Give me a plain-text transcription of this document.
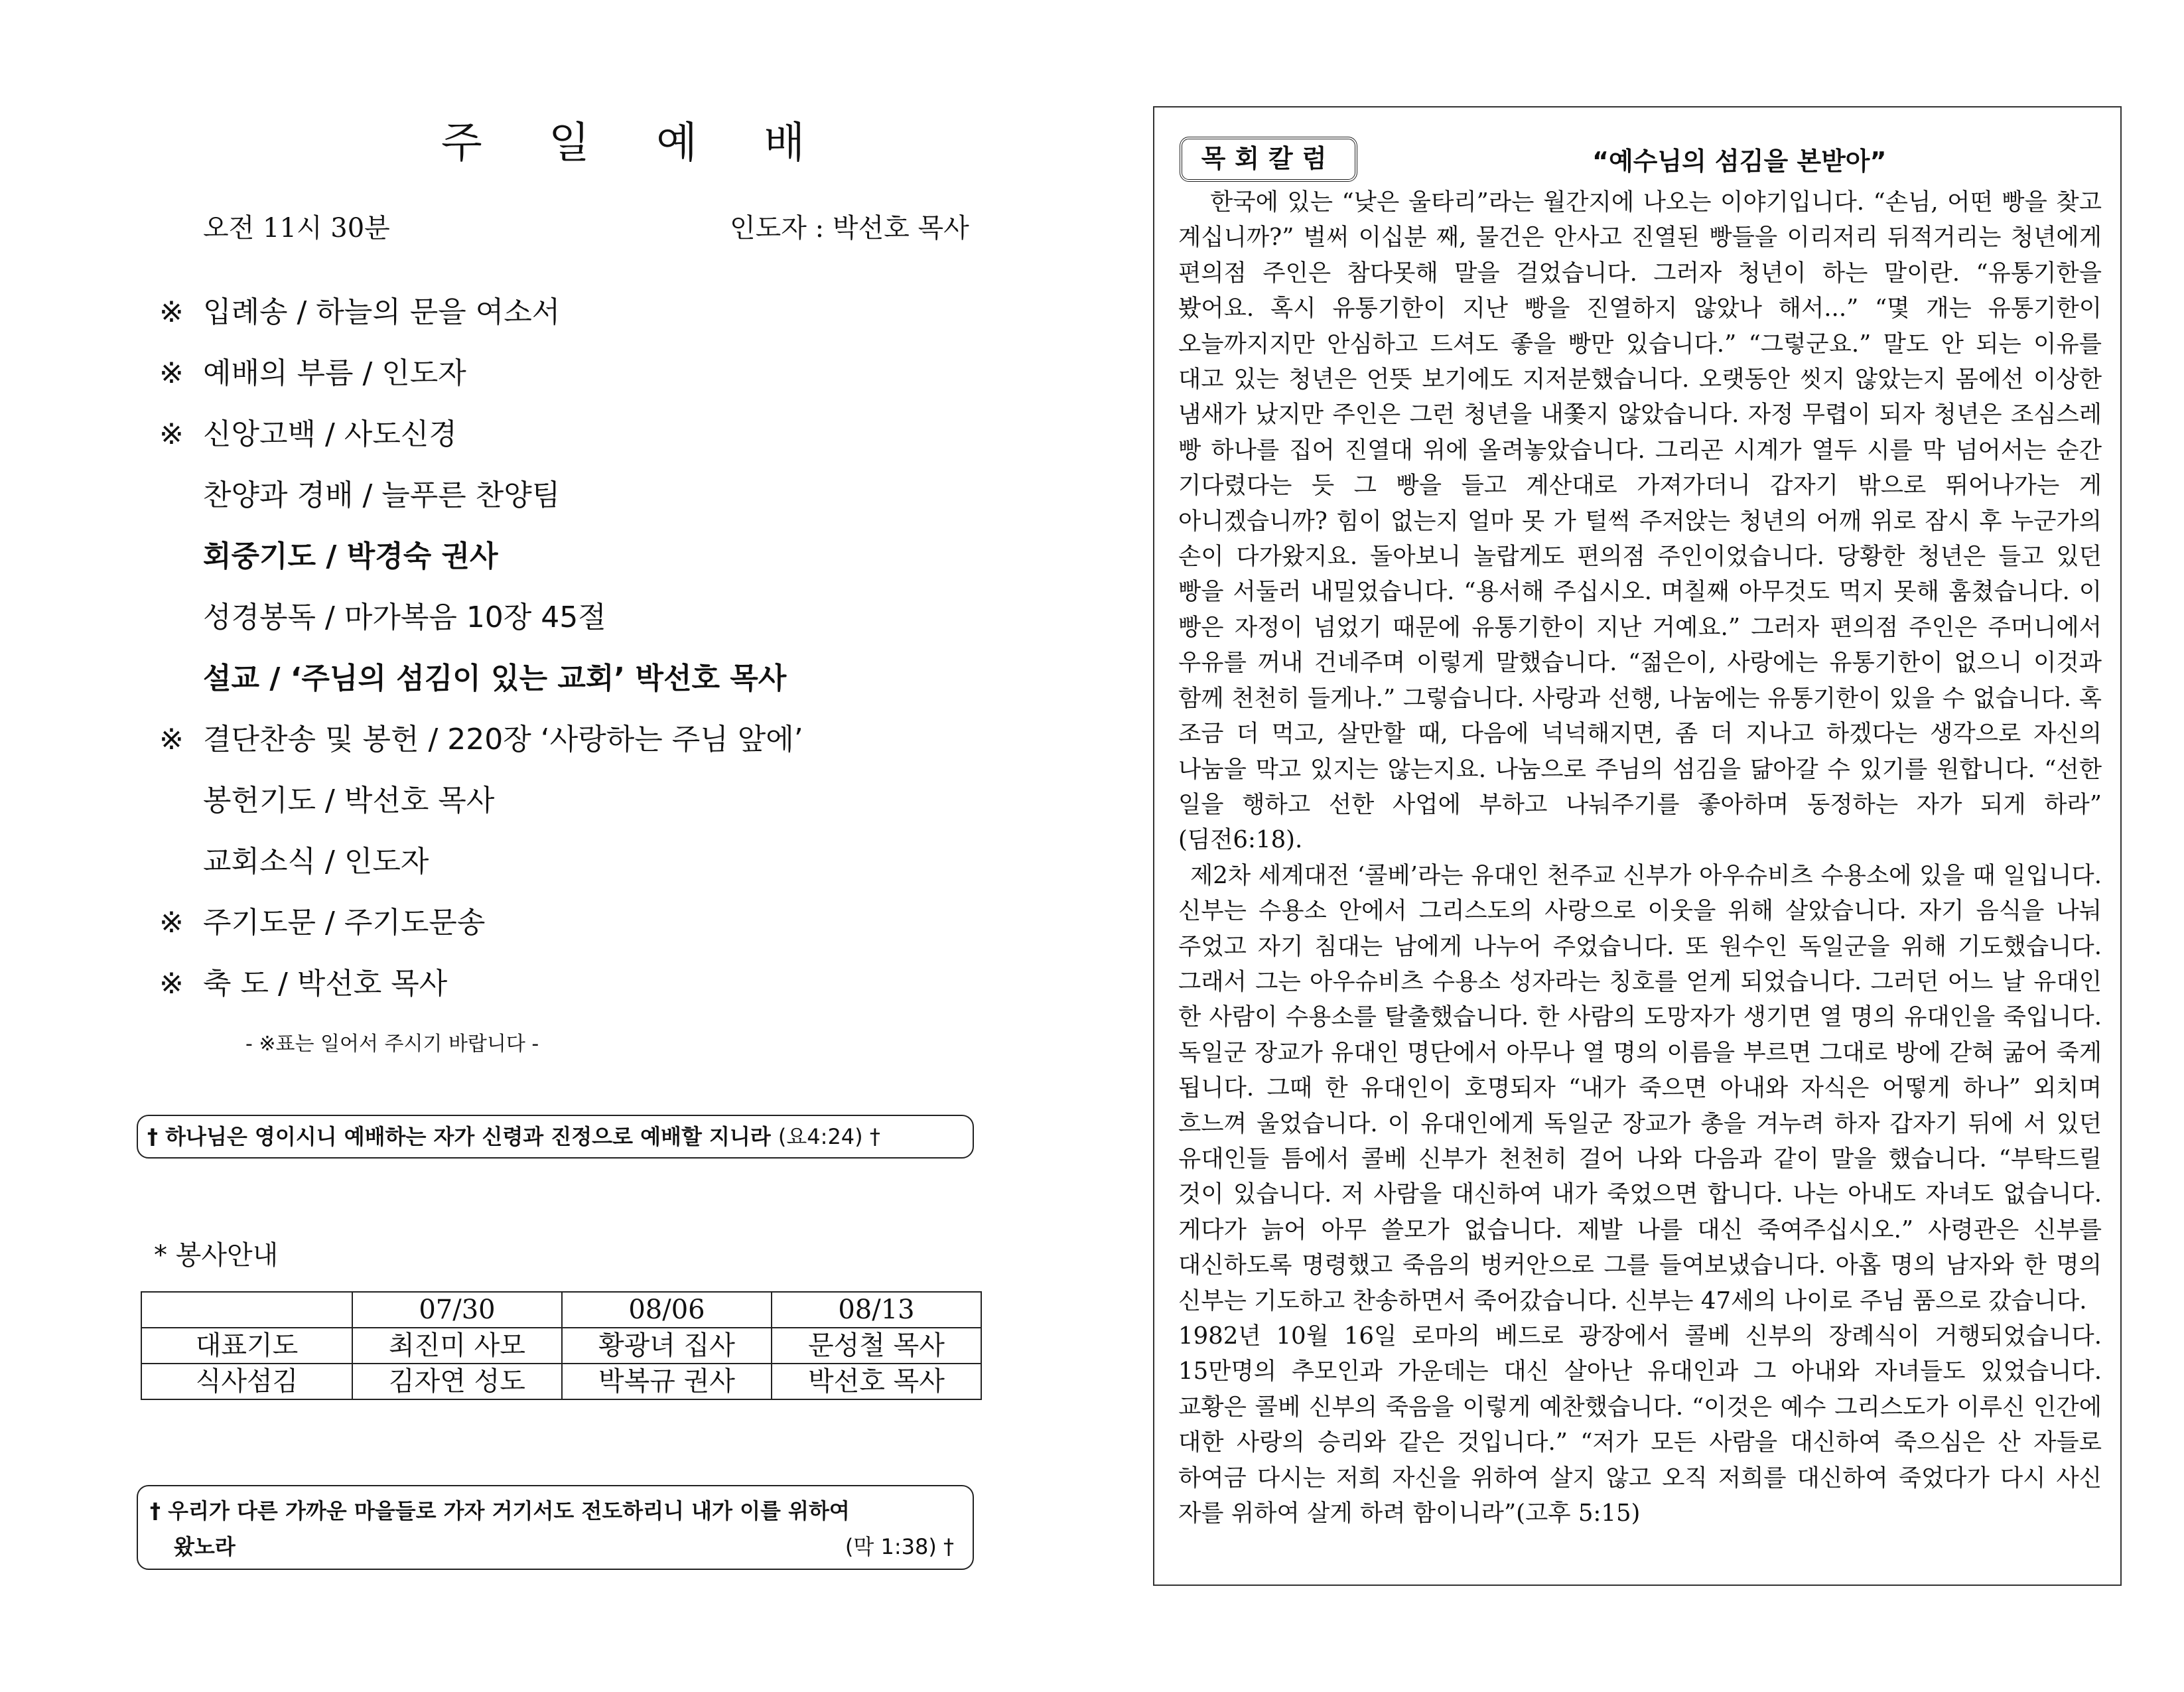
주 일 예 배
오전 11시 30분	인도자 : 박선호 목사
※ 입례송 / 하늘의 문을 여소서
※ 예배의 부름 / 인도자
※ 신앙고백 / 사도신경
찬양과 경배 / 늘푸른 찬양팀
회중기도 / 박경숙 권사
성경봉독 / 마가복음 10장 45절
설교 / ‘주님의 섬김이 있는 교회’ 박선호 목사
※ 결단찬송 및 봉헌 / 220장 ‘사랑하는 주님 앞에’
봉헌기도 / 박선호 목사
교회소식 / 인도자
※ 주기도문 / 주기도문송
※ 축 도 / 박선호 목사
- ※표는 일어서 주시기 바랍니다 -
† 하나님은 영이시니 예배하는 자가 신령과 진정으로 예배할 지니라 (요4:24) †
* 봉사안내
	07/30	08/06	08/13
대표기도	최진미 사모	황광녀 집사	문성철 목사
식사섬김	김자연 성도	박복규 권사	박선호 목사
† 우리가 다른 가까운 마을들로 가자 거기서도 전도하리니 내가 이를 위하여
왔노라	(막 1:38) †
목회칼럼	“예수님의 섬김을 본받아”

한국에 있는 “낮은 울타리”라는 월간지에 나오는 이야기입니다. “손님, 어떤 빵을 찾고 계십니까?” 벌써 이십분 째, 물건은 안사고 진열된 빵들을 이리저리 뒤적거리는 청년에게 편의점 주인은 참다못해 말을 걸었습니다. 그러자 청년이 하는 말이란. “유통기한을 봤어요. 혹시 유통기한이 지난 빵을 진열하지 않았나 해서...” “몇 개는 유통기한이 오늘까지지만 안심하고 드셔도 좋을 빵만 있습니다.” “그렇군요.” 말도 안 되는 이유를 대고 있는 청년은 언뜻 보기에도 지저분했습니다. 오랫동안 씻지 않았는지 몸에선 이상한 냄새가 났지만 주인은 그런 청년을 내쫓지 않았습니다. 자정 무렵이 되자 청년은 조심스레 빵 하나를 집어 진열대 위에 올려놓았습니다. 그리곤 시계가 열두 시를 막 넘어서는 순간 기다렸다는 듯 그 빵을 들고 계산대로 가져가더니 갑자기 밖으로 뛰어나가는 게 아니겠습니까? 힘이 없는지 얼마 못 가 털썩 주저앉는 청년의 어깨 위로 잠시 후 누군가의 손이 다가왔지요. 돌아보니 놀랍게도 편의점 주인이었습니다. 당황한 청년은 들고 있던 빵을 서둘러 내밀었습니다. “용서해 주십시오. 며칠째 아무것도 먹지 못해 훔쳤습니다. 이 빵은 자정이 넘었기 때문에 유통기한이 지난 거예요.” 그러자 편의점 주인은 주머니에서 우유를 꺼내 건네주며 이렇게 말했습니다. “젊은이, 사랑에는 유통기한이 없으니 이것과 함께 천천히 들게나.” 그렇습니다. 사랑과 선행, 나눔에는 유통기한이 있을 수 없습니다. 혹 조금 더 먹고, 살만할 때, 다음에 넉넉해지면, 좀 더 지나고 하겠다는 생각으로 자신의 나눔을 막고 있지는 않는지요. 나눔으로 주님의 섬김을 닮아갈 수 있기를 원합니다. “선한 일을 행하고 선한 사업에 부하고 나눠주기를 좋아하며 동정하는 자가 되게 하라” (딤전6:18).

제2차 세계대전 ‘콜베’라는 유대인 천주교 신부가 아우슈비츠 수용소에 있을 때 일입니다. 신부는 수용소 안에서 그리스도의 사랑으로 이웃을 위해 살았습니다. 자기 음식을 나눠 주었고 자기 침대는 남에게 나누어 주었습니다. 또 원수인 독일군을 위해 기도했습니다. 그래서 그는 아우슈비츠 수용소 성자라는 칭호를 얻게 되었습니다. 그러던 어느 날 유대인 한 사람이 수용소를 탈출했습니다. 한 사람의 도망자가 생기면 열 명의 유대인을 죽입니다. 독일군 장교가 유대인 명단에서 아무나 열 명의 이름을 부르면 그대로 방에 갇혀 굶어 죽게 됩니다. 그때 한 유대인이 호명되자 “내가 죽으면 아내와 자식은 어떻게 하나” 외치며 흐느껴 울었습니다. 이 유대인에게 독일군 장교가 총을 겨누려 하자 갑자기 뒤에 서 있던 유대인들 틈에서 콜베 신부가 천천히 걸어 나와 다음과 같이 말을 했습니다. “부탁드릴 것이 있습니다. 저 사람을 대신하여 내가 죽었으면 합니다. 나는 아내도 자녀도 없습니다. 게다가 늙어 아무 쓸모가 없습니다. 제발 나를 대신 죽여주십시오.” 사령관은 신부를 대신하도록 명령했고 죽음의 벙커안으로 그를 들여보냈습니다. 아홉 명의 남자와 한 명의 신부는 기도하고 찬송하면서 죽어갔습니다. 신부는 47세의 나이로 주님 품으로 갔습니다.

1982년 10월 16일 로마의 베드로 광장에서 콜베 신부의 장례식이 거행되었습니다. 15만명의 추모인과 가운데는 대신 살아난 유대인과 그 아내와 자녀들도 있었습니다. 교황은 콜베 신부의 죽음을 이렇게 예찬했습니다. “이것은 예수 그리스도가 이루신 인간에 대한 사랑의 승리와 같은 것입니다.” “저가 모든 사람을 대신하여 죽으심은 산 자들로 하여금 다시는 저희 자신을 위하여 살지 않고 오직 저희를 대신하여 죽었다가 다시 사신 자를 위하여 살게 하려 함이니라”(고후 5:15)
